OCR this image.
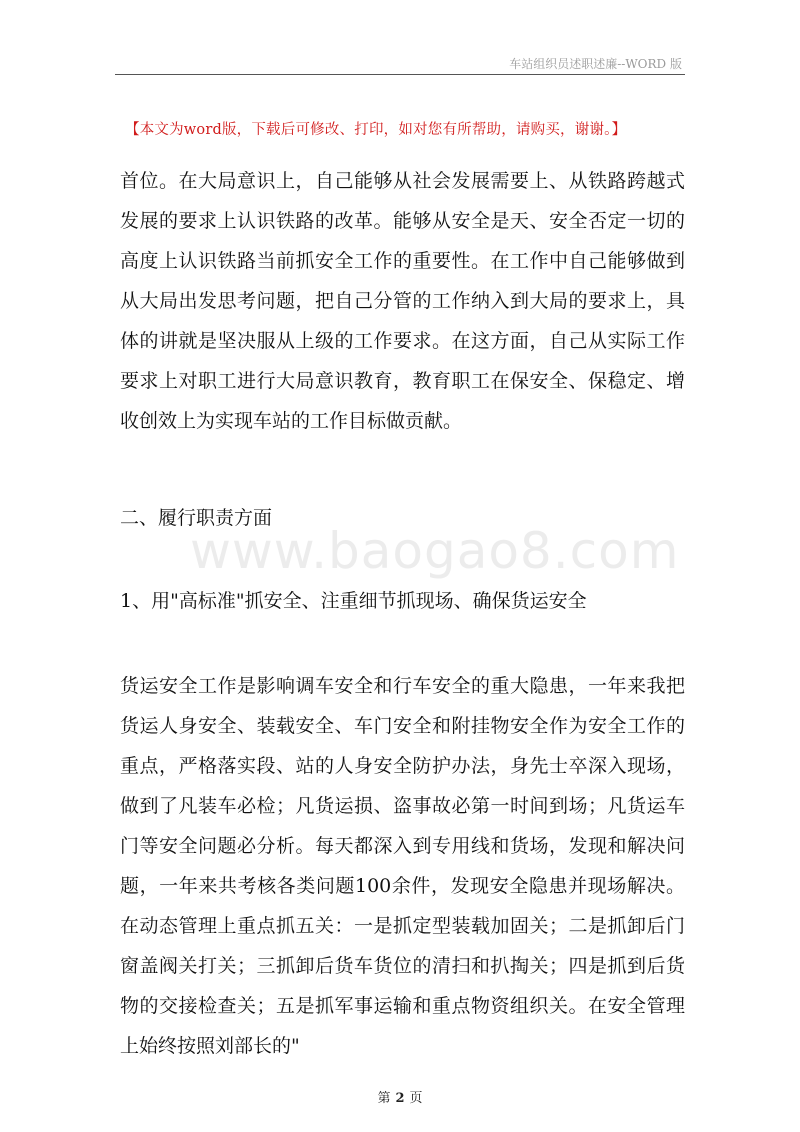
车站组织员述职述廉--WORD 版
【本文为word版，下载后可修改、打印，如对您有所帮助，请购买，谢谢。】

首位。在大局意识上，自己能够从社会发展需要上、从铁路跨越式发展的要求上认识铁路的改革。能够从安全是天、安全否定一切的高度上认识铁路当前抓安全工作的重要性。在工作中自己能够做到从大局出发思考问题，把自己分管的工作纳入到大局的要求上，具体的讲就是坚决服从上级的工作要求。在这方面，自己从实际工作要求上对职工进行大局意识教育，教育职工在保安全、保稳定、增收创效上为实现车站的工作目标做贡献。

二、履行职责方面

www.baogao8.com

1、用"高标准"抓安全、注重细节抓现场、确保货运安全

货运安全工作是影响调车安全和行车安全的重大隐患，一年来我把货运人身安全、装载安全、车门安全和附挂物安全作为安全工作的重点，严格落实段、站的人身安全防护办法，身先士卒深入现场，做到了凡装车必检；凡货运损、盗事故必第一时间到场；凡货运车门等安全问题必分析。每天都深入到专用线和货场，发现和解决问题，一年来共考核各类问题100余件，发现安全隐患并现场解决。在动态管理上重点抓五关：一是抓定型装载加固关；二是抓卸后门窗盖阀关打关；三抓卸后货车货位的清扫和扒掏关；四是抓到后货物的交接检查关；五是抓军事运输和重点物资组织关。在安全管理上始终按照刘部长的"

第 2 页
